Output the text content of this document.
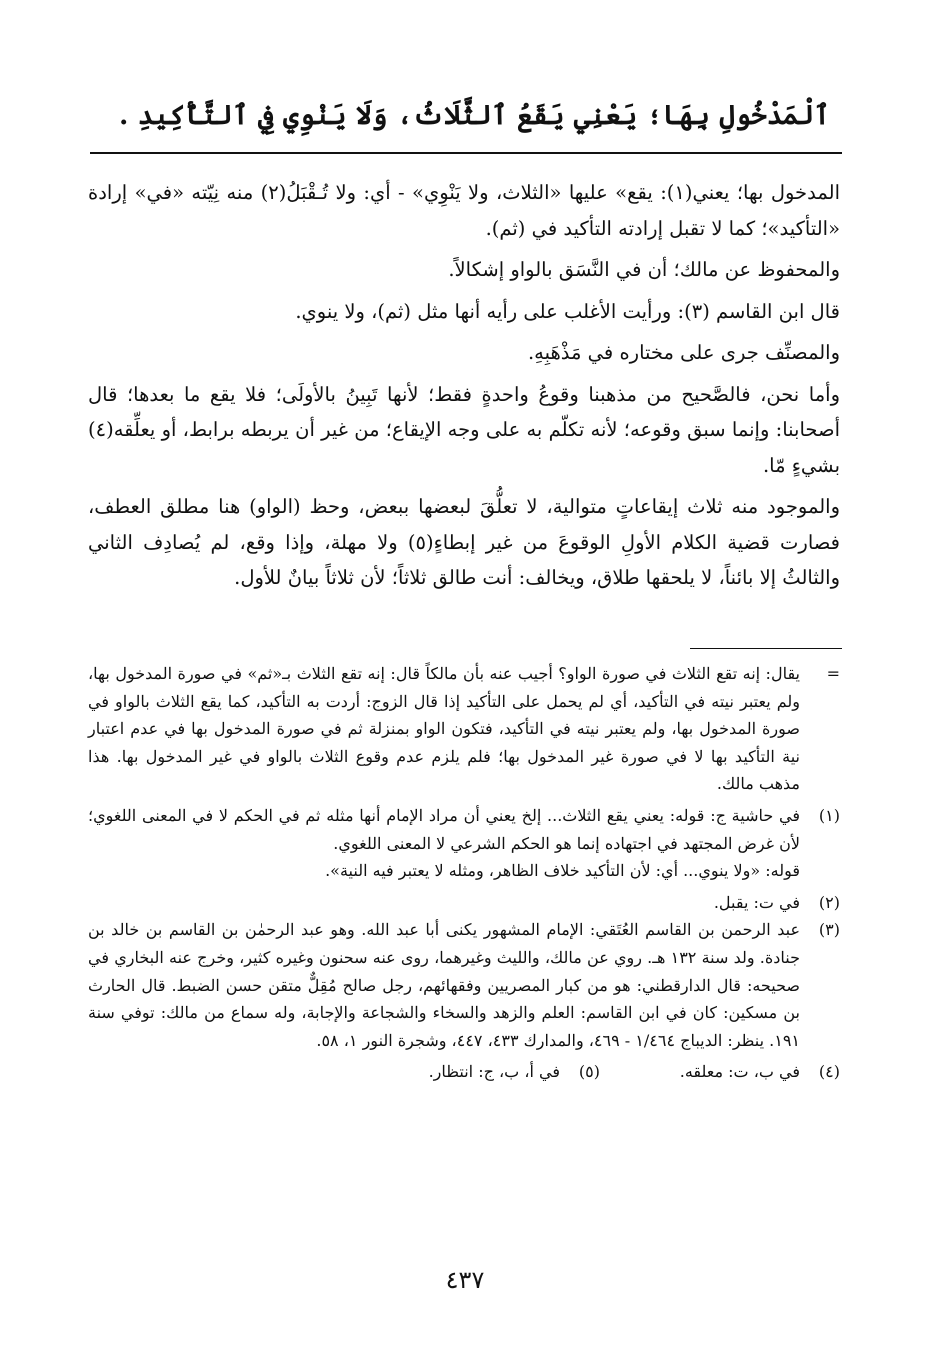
ٱلْمَدْخُولِ بِهَا؛ يَعْنِي يَقَعُ ٱلثَّلَاثُ، وَلَا يَنْوِي فِي ٱلتَّأْكِيدِ .

المدخول بها؛ يعني(١): يقع» عليها «الثلاث، ولا يَنْوِي» - أي: ولا تُـقْبَلُ(٢) منه نِيّته «في» إرادة «التأكيد»؛ كما لا تقبل إرادته التأكيد في (ثم).

والمحفوظ عن مالك؛ أن في النَّسَق بالواو إشكالاً.

قال ابن القاسم (٣): ورأيت الأغلب على رأيه أنها مثل (ثم)، ولا ينوي.

والمصنِّف جرى على مختاره في مَذْهَبِهِ.

وأما نحن، فالصَّحيح من مذهبنا وقوعُ واحدةٍ فقط؛ لأنها تَبِينُ بالأولَى؛ فلا يقع ما بعدها؛ قال أصحابنا: وإنما سبق وقوعه؛ لأنه تكلّم به على وجه الإيقاع؛ من غير أن يربطه برابط، أو يعلِّقه(٤) بشيءٍ مّا.

والموجود منه ثلاث إيقاعاتٍ متوالية، لا تعلُّقَ لبعضها ببعض، وحظ (الواو) هنا مطلق العطف، فصارت قضية الكلام الأولِ الوقوعَ من غير إبطاءٍ(٥) ولا مهلة، وإذا وقع، لم يُصادِف الثاني والثالثُ إلا بائناً، لا يلحقها طلاق، ويخالف: أنت طالق ثلاثاً؛ لأن ثلاثاً بيانٌ للأول.

=
يقال: إنه تقع الثلاث في صورة الواو؟ أجيب عنه بأن مالكاً قال: إنه تقع الثلاث بـ«ثم» في صورة المدخول بها، ولم يعتبر نيته في التأكيد، أي لم يحمل على التأكيد إذا قال الزوج: أردت به التأكيد، كما يقع الثلاث بالواو في صورة المدخول بها، ولم يعتبر نيته في التأكيد، فتكون الواو بمنزلة ثم في صورة المدخول بها في عدم اعتبار نية التأكيد بها لا في صورة غير المدخول بها؛ فلم يلزم عدم وقوع الثلاث بالواو في غير المدخول بها. هذا مذهب مالك.
(١)
في حاشية ج: قوله: يعني يقع الثلاث... إلخ يعني أن مراد الإمام أنها مثله ثم في الحكم لا في المعنى اللغوي؛ لأن غرض المجتهد في اجتهاده إنما هو الحكم الشرعي لا المعنى اللغوي.
قوله: «ولا ينوي... أي: لأن التأكيد خلاف الظاهر، ومثله لا يعتبر فيه النية».
(٢)
في ت: يقبل.
(٣)
عبد الرحمن بن القاسم العُتَقي: الإمام المشهور يكنى أبا عبد الله. وهو عبد الرحمٰن بن القاسم بن خالد بن جنادة. ولد سنة ١٣٢ هـ. روي عن مالك، والليث وغيرهما، روى عنه سحنون وغيره كثير، وخرج عنه البخاري في صحيحه: قال الدارقطني: هو من كبار المصريين وفقهائهم، رجل صالح مُقِلٌّ متقن حسن الضبط. قال الحارث بن مسكين: كان في ابن القاسم: العلم والزهد والسخاء والشجاعة والإجابة، وله سماع من مالك: توفي سنة ١٩١. ينظر: الديباج ١/٤٦٤ - ٤٦٩، والمدارك ٤٣٣، ٤٤٧، وشجرة النور ١، ٥٨.
(٤)
في ب، ت: معلقه.
(٥)
في أ، ب، ج: انتظار.
٤٣٧
